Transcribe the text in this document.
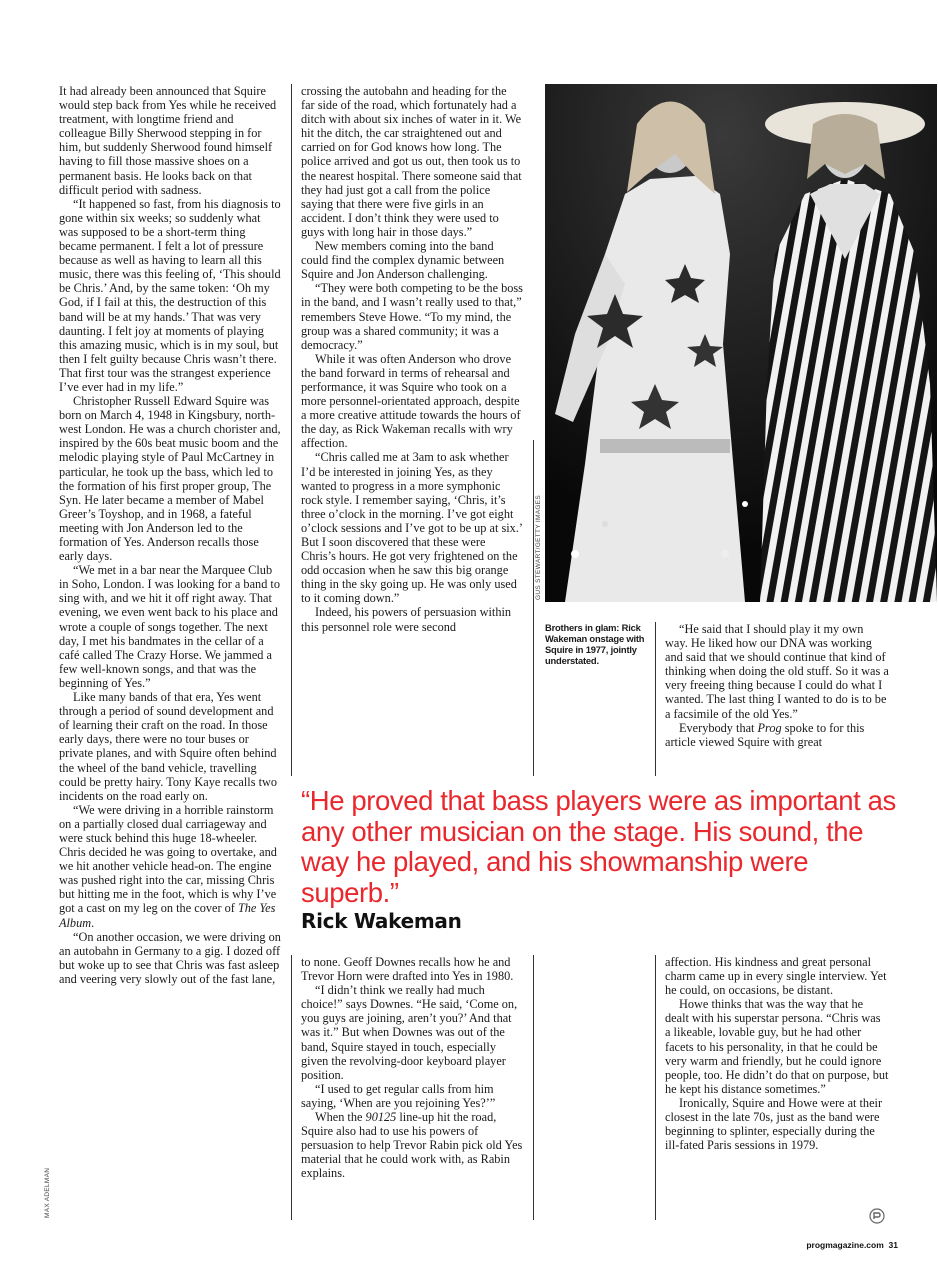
It had already been announced that Squire would step back from Yes while he received treatment, with longtime friend and colleague Billy Sherwood stepping in for him, but suddenly Sherwood found himself having to fill those massive shoes on a permanent basis. He looks back on that difficult period with sadness.

“It happened so fast, from his diagnosis to gone within six weeks; so suddenly what was supposed to be a short-term thing became permanent. I felt a lot of pressure because as well as having to learn all this music, there was this feeling of, ‘This should be Chris.’ And, by the same token: ‘Oh my God, if I fail at this, the destruction of this band will be at my hands.’ That was very daunting. I felt joy at moments of playing this amazing music, which is in my soul, but then I felt guilty because Chris wasn’t there. That first tour was the strangest experience I’ve ever had in my life.”

Christopher Russell Edward Squire was born on March 4, 1948 in Kingsbury, north-west London. He was a church chorister and, inspired by the 60s beat music boom and the melodic playing style of Paul McCartney in particular, he took up the bass, which led to the formation of his first proper group, The Syn. He later became a member of Mabel Greer’s Toyshop, and in 1968, a fateful meeting with Jon Anderson led to the formation of Yes. Anderson recalls those early days.

“We met in a bar near the Marquee Club in Soho, London. I was looking for a band to sing with, and we hit it off right away. That evening, we even went back to his place and wrote a couple of songs together. The next day, I met his bandmates in the cellar of a café called The Crazy Horse. We jammed a few well-known songs, and that was the beginning of Yes.”

Like many bands of that era, Yes went through a period of sound development and of learning their craft on the road. In those early days, there were no tour buses or private planes, and with Squire often behind the wheel of the band vehicle, travelling could be pretty hairy. Tony Kaye recalls two incidents on the road early on.

“We were driving in a horrible rainstorm on a partially closed dual carriageway and were stuck behind this huge 18-wheeler. Chris decided he was going to overtake, and we hit another vehicle head-on. The engine was pushed right into the car, missing Chris but hitting me in the foot, which is why I’ve got a cast on my leg on the cover of The Yes Album.

“On another occasion, we were driving on an autobahn in Germany to a gig. I dozed off but woke up to see that Chris was fast asleep and veering very slowly out of the fast lane,

MAX ADELMAN

crossing the autobahn and heading for the far side of the road, which fortunately had a ditch with about six inches of water in it. We hit the ditch, the car straightened out and carried on for God knows how long. The police arrived and got us out, then took us to the nearest hospital. There someone said that they had just got a call from the police saying that there were five girls in an accident. I don’t think they were used to guys with long hair in those days.”

New members coming into the band could find the complex dynamic between Squire and Jon Anderson challenging.

“They were both competing to be the boss in the band, and I wasn’t really used to that,” remembers Steve Howe. “To my mind, the group was a shared community; it was a democracy.”

While it was often Anderson who drove the band forward in terms of rehearsal and performance, it was Squire who took on a more personnel-orientated approach, despite a more creative attitude towards the hours of the day, as Rick Wakeman recalls with wry affection.

“Chris called me at 3am to ask whether I’d be interested in joining Yes, as they wanted to progress in a more symphonic rock style. I remember saying, ‘Chris, it’s three o’clock in the morning. I’ve got eight o’clock sessions and I’ve got to be up at six.’ But I soon discovered that these were Chris’s hours. He got very frightened on the odd occasion when he saw this big orange thing in the sky going up. He was only used to it coming down.”

Indeed, his powers of persuasion within this personnel role were second

GUS STEWART/GETTY IMAGES
Brothers in glam: Rick Wakeman onstage with Squire in 1977, jointly understated.

“He said that I should play it my own way. He liked how our DNA was working and said that we should continue that kind of thinking when doing the old stuff. So it was a very freeing thing because I could do what I wanted. The last thing I wanted to do is to be a facsimile of the old Yes.”

Everybody that Prog spoke to for this article viewed Squire with great

“He proved that bass players were as important as any other musician on the stage. His sound, the way he played, and his showmanship were superb.”
Rick Wakeman

to none. Geoff Downes recalls how he and Trevor Horn were drafted into Yes in 1980.

“I didn’t think we really had much choice!” says Downes. “He said, ‘Come on, you guys are joining, aren’t you?’ And that was it.” But when Downes was out of the band, Squire stayed in touch, especially given the revolving-door keyboard player position.

“I used to get regular calls from him saying, ‘When are you rejoining Yes?’”

When the 90125 line-up hit the road, Squire also had to use his powers of persuasion to help Trevor Rabin pick old Yes material that he could work with, as Rabin explains.

affection. His kindness and great personal charm came up in every single interview. Yet he could, on occasions, be distant.

Howe thinks that was the way that he dealt with his superstar persona. “Chris was a likeable, lovable guy, but he had other facets to his personality, in that he could be very warm and friendly, but he could ignore people, too. He didn’t do that on purpose, but he kept his distance sometimes.”

Ironically, Squire and Howe were at their closest in the late 70s, just as the band were beginning to splinter, especially during the ill-fated Paris sessions in 1979.

progmagazine.com 31
